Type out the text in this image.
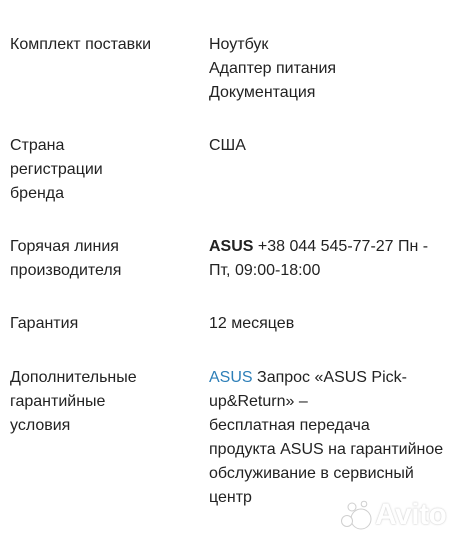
Комплект поставки	Ноутбук
Адаптер питания
Документация
Страна
регистрации
бренда
США
Горячая линия
производителя
ASUS +38 044 545-77-27 Пн -
Пт, 09:00-18:00
Гарантия	12 месяцев
Дополнительные
гарантийные
условия
ASUS Запрос «ASUS Pick-
up&Return» –
бесплатная передача
продукта ASUS на гарантийное
обслуживание в сервисный
центр
Avito
